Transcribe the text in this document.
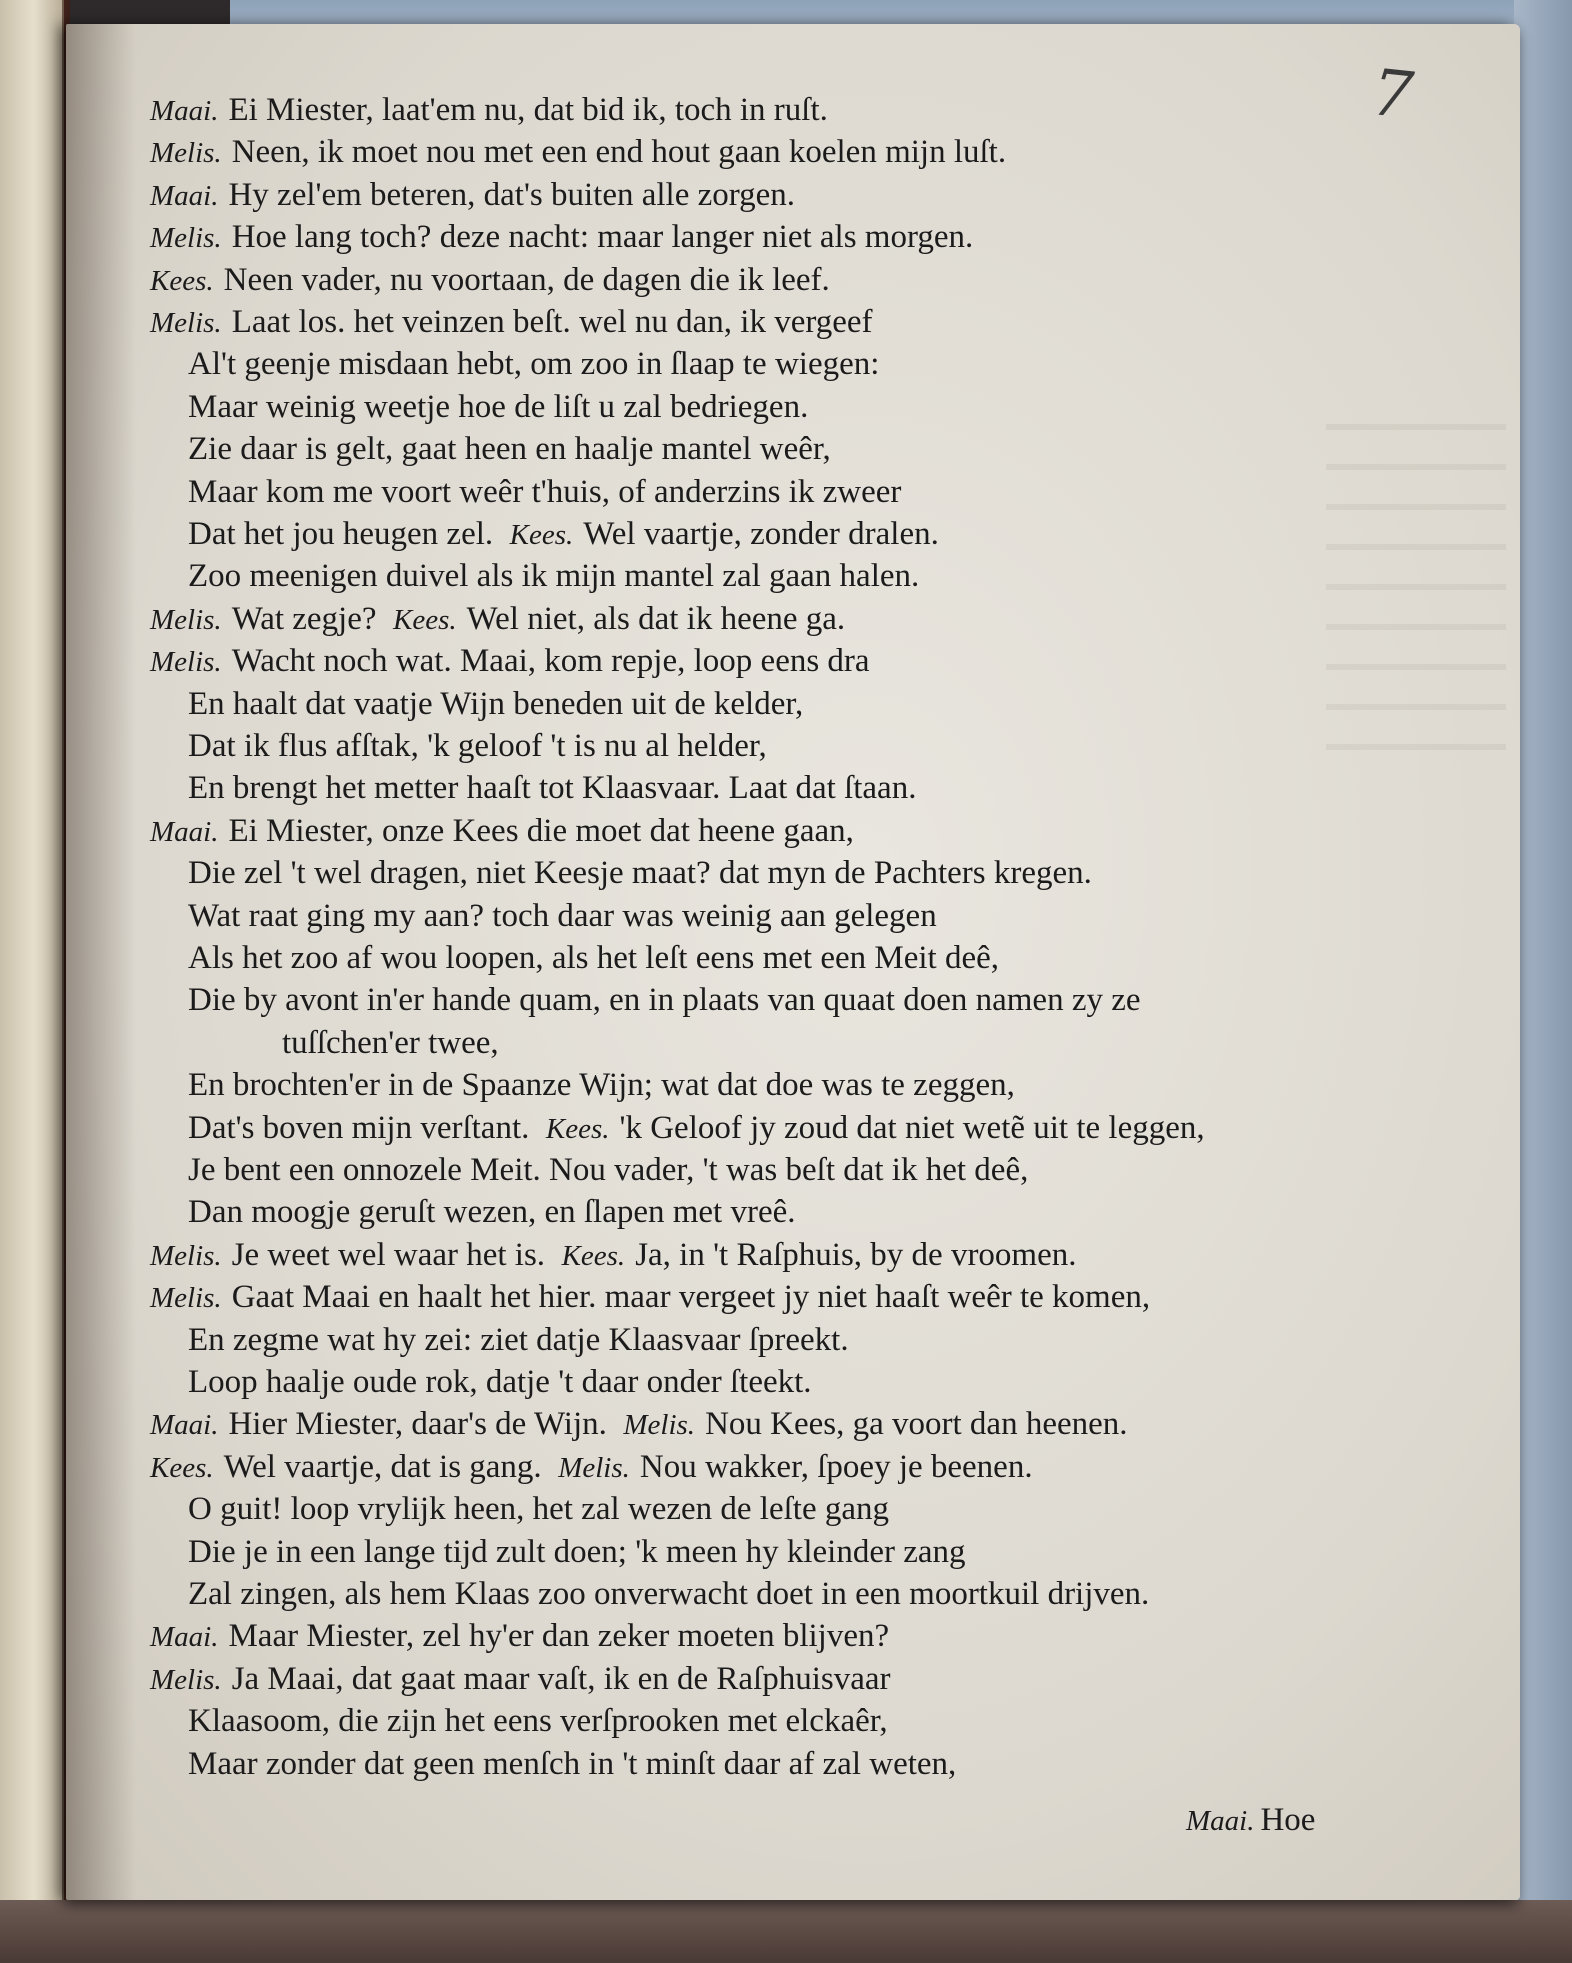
7
Maai. Ei Miester, laat'em nu, dat bid ik, toch in ruſt.
Melis. Neen, ik moet nou met een end hout gaan koelen mijn luſt.
Maai. Hy zel'em beteren, dat's buiten alle zorgen.
Melis. Hoe lang toch? deze nacht: maar langer niet als morgen.
Kees. Neen vader, nu voortaan, de dagen die ik leef.
Melis. Laat los. het veinzen beſt. wel nu dan, ik vergeef
Al't geenje misdaan hebt, om zoo in ſlaap te wiegen:
Maar weinig weetje hoe de liſt u zal bedriegen.
Zie daar is gelt, gaat heen en haalje mantel weêr,
Maar kom me voort weêr t'huis, of anderzins ik zweer
Dat het jou heugen zel. Kees. Wel vaartje, zonder dralen.
Zoo meenigen duivel als ik mijn mantel zal gaan halen.
Melis. Wat zegje? Kees. Wel niet, als dat ik heene ga.
Melis. Wacht noch wat. Maai, kom repje, loop eens dra
En haalt dat vaatje Wijn beneden uit de kelder,
Dat ik flus afſtak, 'k geloof 't is nu al helder,
En brengt het metter haaſt tot Klaasvaar. Laat dat ſtaan.
Maai. Ei Miester, onze Kees die moet dat heene gaan,
Die zel 't wel dragen, niet Keesje maat? dat myn de Pachters kregen.
Wat raat ging my aan? toch daar was weinig aan gelegen
Als het zoo af wou loopen, als het leſt eens met een Meit deê,
Die by avont in'er hande quam, en in plaats van quaat doen namen zy ze
tuſſchen'er twee,
En brochten'er in de Spaanze Wijn; wat dat doe was te zeggen,
Dat's boven mijn verſtant. Kees. 'k Geloof jy zoud dat niet wetẽ uit te leggen,
Je bent een onnozele Meit. Nou vader, 't was beſt dat ik het deê,
Dan moogje geruſt wezen, en ſlapen met vreê.
Melis. Je weet wel waar het is. Kees. Ja, in 't Raſphuis, by de vroomen.
Melis. Gaat Maai en haalt het hier. maar vergeet jy niet haaſt weêr te komen,
En zegme wat hy zei: ziet datje Klaasvaar ſpreekt.
Loop haalje oude rok, datje 't daar onder ſteekt.
Maai. Hier Miester, daar's de Wijn. Melis. Nou Kees, ga voort dan heenen.
Kees. Wel vaartje, dat is gang. Melis. Nou wakker, ſpoey je beenen.
O guit! loop vrylijk heen, het zal wezen de leſte gang
Die je in een lange tijd zult doen; 'k meen hy kleinder zang
Zal zingen, als hem Klaas zoo onverwacht doet in een moortkuil drijven.
Maai. Maar Miester, zel hy'er dan zeker moeten blijven?
Melis. Ja Maai, dat gaat maar vaſt, ik en de Raſphuisvaar
Klaasoom, die zijn het eens verſprooken met elckaêr,
Maar zonder dat geen menſch in 't minſt daar af zal weten,
Maai. Hoe
